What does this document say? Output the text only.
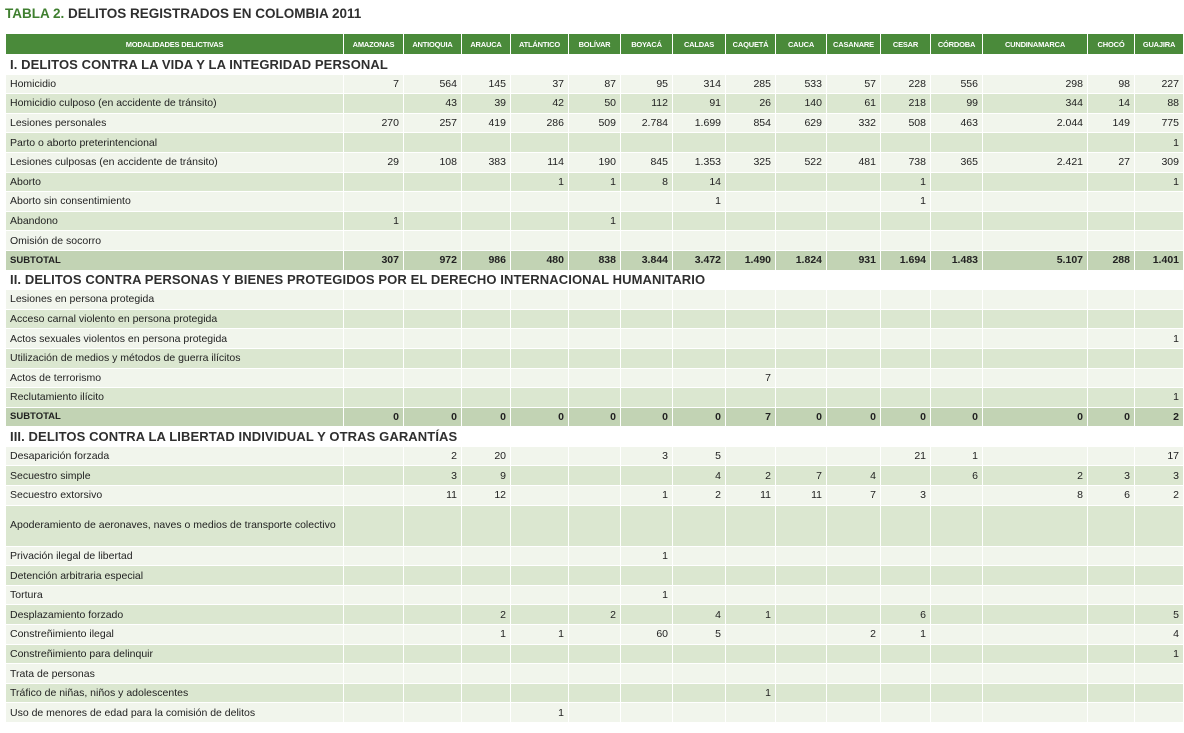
TABLA 2. DELITOS REGISTRADOS EN COLOMBIA 2011
MODALIDADES DELICTIVAS	AMAZONAS	ANTIOQUIA	ARAUCA	ATLÁNTICO	BOLÍVAR	BOYACÁ	CALDAS	CAQUETÁ	CAUCA	CASANARE	CESAR	CÓRDOBA	CUNDINAMARCA	CHOCÓ	GUAJIRA
I. DELITOS CONTRA LA VIDA Y LA INTEGRIDAD PERSONAL															
Homicidio	7	564	145	37	87	95	314	285	533	57	228	556	298	98	227
Homicidio culposo (en accidente de tránsito)		43	39	42	50	112	91	26	140	61	218	99	344	14	88
Lesiones personales	270	257	419	286	509	2.784	1.699	854	629	332	508	463	2.044	149	775
Parto o aborto preterintencional															1
Lesiones culposas (en accidente de tránsito)	29	108	383	114	190	845	1.353	325	522	481	738	365	2.421	27	309
Aborto				1	1	8	14				1				1
Aborto sin consentimiento							1				1				
Abandono	1				1										
Omisión de socorro															
SUBTOTAL	307	972	986	480	838	3.844	3.472	1.490	1.824	931	1.694	1.483	5.107	288	1.401
II. DELITOS CONTRA PERSONAS Y BIENES PROTEGIDOS POR EL DERECHO INTERNACIONAL HUMANITARIO															
Lesiones en persona protegida															
Acceso carnal violento en persona protegida															
Actos sexuales violentos en persona protegida															1
Utilización de medios y métodos de guerra ilícitos															
Actos de terrorismo								7							
Reclutamiento ilícito															1
SUBTOTAL	0	0	0	0	0	0	0	7	0	0	0	0	0	0	2
III. DELITOS CONTRA LA LIBERTAD INDIVIDUAL Y OTRAS GARANTÍAS															
Desaparición forzada		2	20			3	5				21	1			17
Secuestro simple		3	9				4	2	7	4		6	2	3	3
Secuestro extorsivo		11	12			1	2	11	11	7	3		8	6	2
Apoderamiento de aeronaves, naves o medios de transporte colectivo															
Privación ilegal de libertad						1									
Detención arbitraria especial															
Tortura						1									
Desplazamiento forzado			2		2		4	1			6				5
Constreñimiento ilegal			1	1		60	5			2	1				4
Constreñimiento para delinquir															1
Trata de personas															
Tráfico de niñas, niños y adolescentes								1							
Uso de menores de edad para la comisión de delitos				1											
